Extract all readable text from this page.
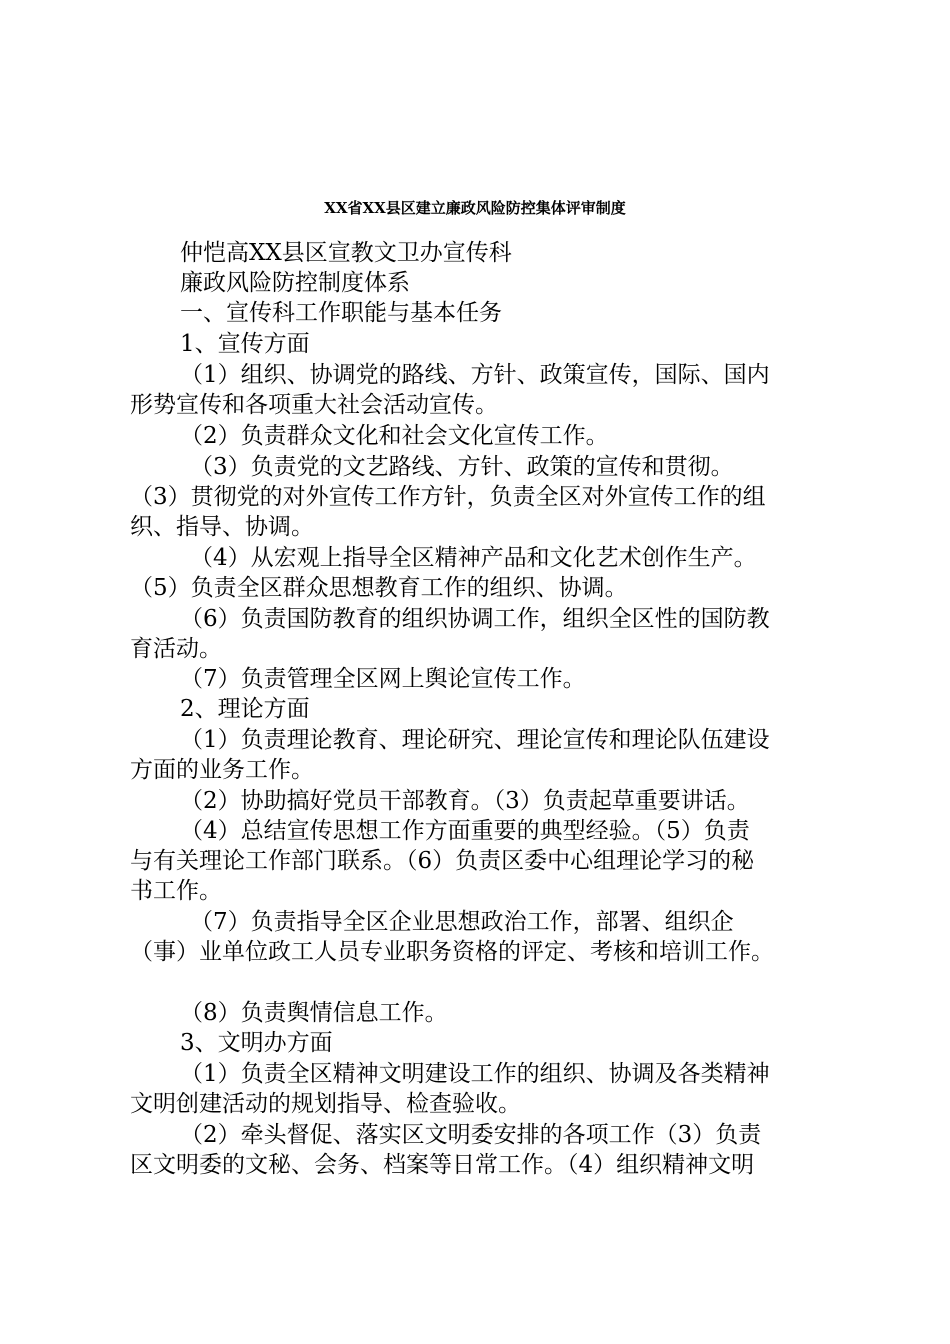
XX省XX县区建立廉政风险防控集体评审制度
仲恺高XX县区宣教文卫办宣传科
廉政风险防控制度体系
一、宣传科工作职能与基本任务
1、宣传方面
（1）组织、协调党的路线、方针、政策宣传，国际、国内
形势宣传和各项重大社会活动宣传。
（2）负责群众文化和社会文化宣传工作。
（3）负责党的文艺路线、方针、政策的宣传和贯彻。
（3）贯彻党的对外宣传工作方针，负责全区对外宣传工作的组
织、指导、协调。
（4）从宏观上指导全区精神产品和文化艺术创作生产。
（5）负责全区群众思想教育工作的组织、协调。
（6）负责国防教育的组织协调工作，组织全区性的国防教
育活动。
（7）负责管理全区网上舆论宣传工作。
2、理论方面
（1）负责理论教育、理论研究、理论宣传和理论队伍建设
方面的业务工作。
（2）协助搞好党员干部教育。（3）负责起草重要讲话。
（4）总结宣传思想工作方面重要的典型经验。（5）负责
与有关理论工作部门联系。（6）负责区委中心组理论学习的秘
书工作。
（7）负责指导全区企业思想政治工作，部署、组织企
（事）业单位政工人员专业职务资格的评定、考核和培训工作。
（8）负责舆情信息工作。
3、文明办方面
（1）负责全区精神文明建设工作的组织、协调及各类精神
文明创建活动的规划指导、检查验收。
（2）牵头督促、落实区文明委安排的各项工作（3）负责
区文明委的文秘、会务、档案等日常工作。（4）组织精神文明
